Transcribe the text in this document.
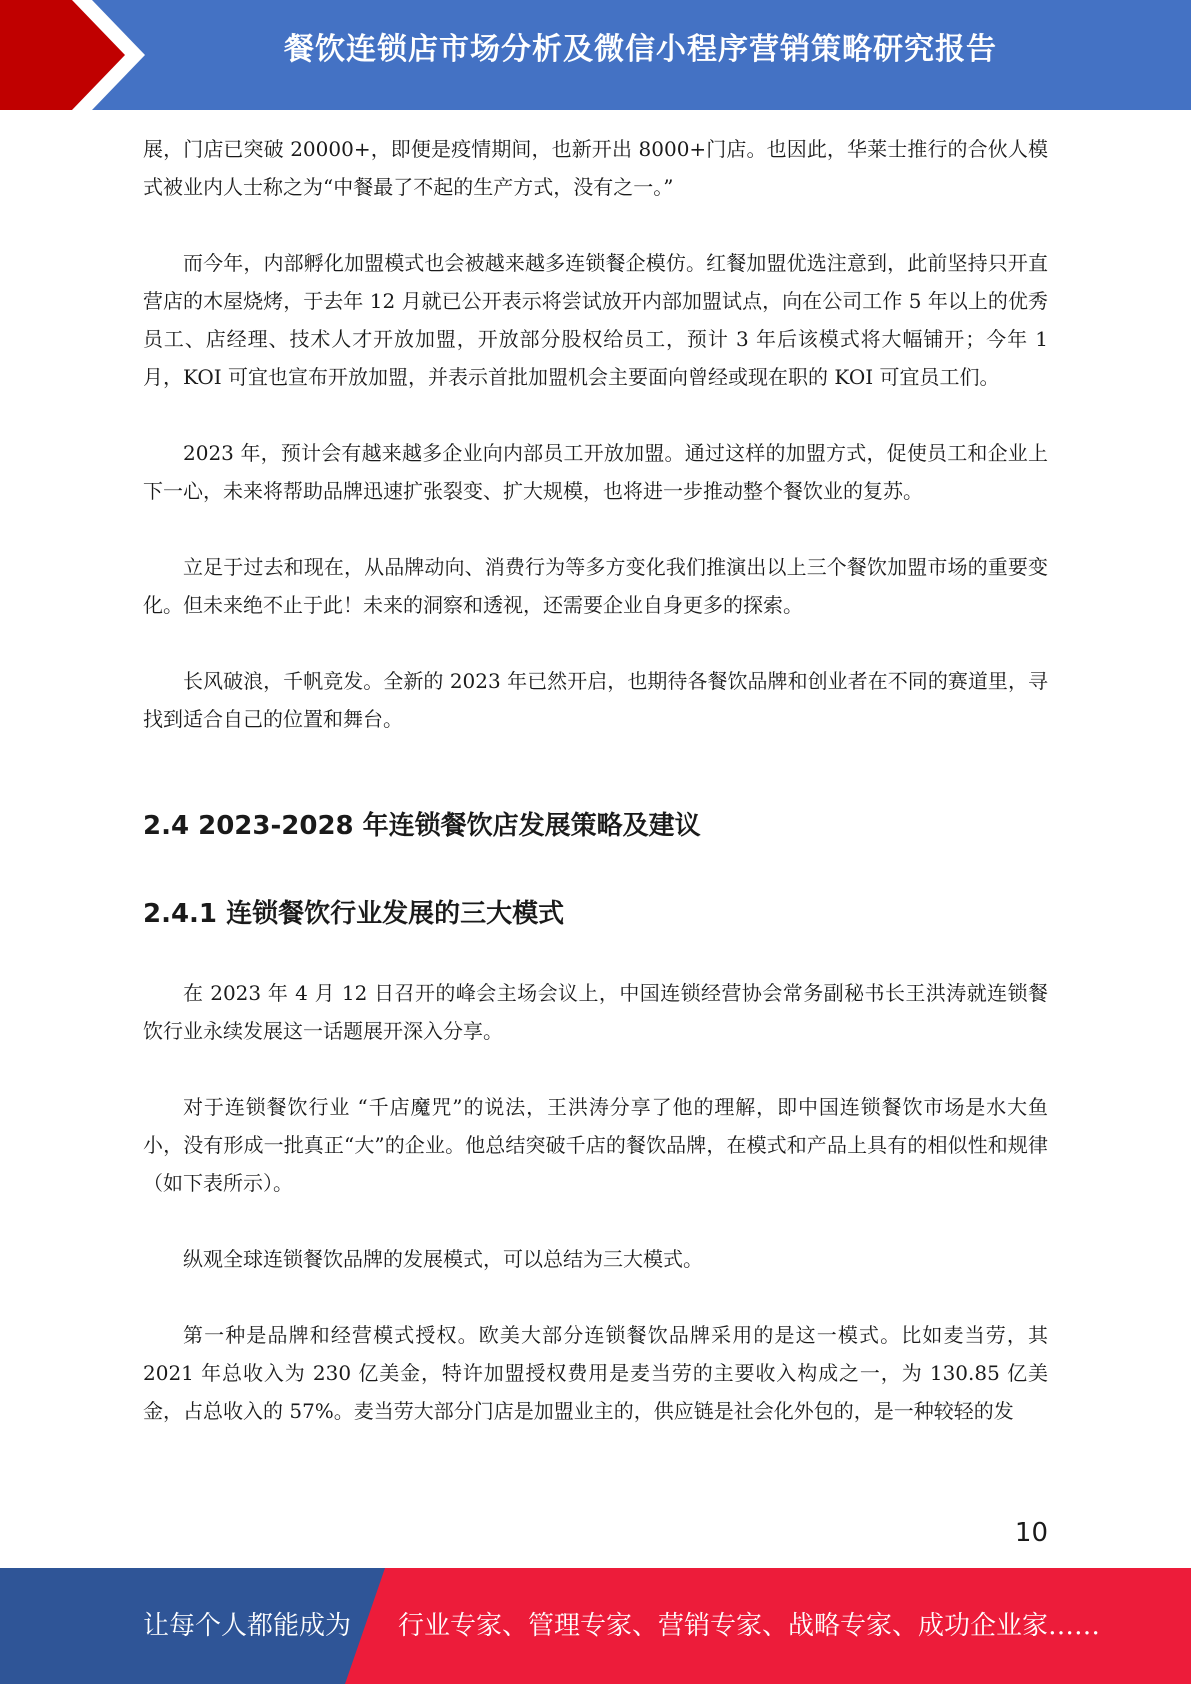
餐饮连锁店市场分析及微信小程序营销策略研究报告

展，门店已突破 20000+，即便是疫情期间，也新开出 8000+门店。也因此，华莱士推行的合伙人模式被业内人士称之为“中餐最了不起的生产方式，没有之一。”

而今年，内部孵化加盟模式也会被越来越多连锁餐企模仿。红餐加盟优选注意到，此前坚持只开直营店的木屋烧烤，于去年 12 月就已公开表示将尝试放开内部加盟试点，向在公司工作 5 年以上的优秀员工、店经理、技术人才开放加盟，开放部分股权给员工，预计 3 年后该模式将大幅铺开；今年 1 月，KOI 可宜也宣布开放加盟，并表示首批加盟机会主要面向曾经或现在职的 KOI 可宜员工们。

2023 年，预计会有越来越多企业向内部员工开放加盟。通过这样的加盟方式，促使员工和企业上下一心，未来将帮助品牌迅速扩张裂变、扩大规模，也将进一步推动整个餐饮业的复苏。

立足于过去和现在，从品牌动向、消费行为等多方变化我们推演出以上三个餐饮加盟市场的重要变化。但未来绝不止于此！未来的洞察和透视，还需要企业自身更多的探索。

长风破浪，千帆竞发。全新的 2023 年已然开启，也期待各餐饮品牌和创业者在不同的赛道里，寻找到适合自己的位置和舞台。

2.4 2023-2028 年连锁餐饮店发展策略及建议
2.4.1 连锁餐饮行业发展的三大模式

在 2023 年 4 月 12 日召开的峰会主场会议上，中国连锁经营协会常务副秘书长王洪涛就连锁餐饮行业永续发展这一话题展开深入分享。

对于连锁餐饮行业 “千店魔咒”的说法，王洪涛分享了他的理解，即中国连锁餐饮市场是水大鱼小，没有形成一批真正“大”的企业。他总结突破千店的餐饮品牌，在模式和产品上具有的相似性和规律（如下表所示）。

纵观全球连锁餐饮品牌的发展模式，可以总结为三大模式。

第一种是品牌和经营模式授权。欧美大部分连锁餐饮品牌采用的是这一模式。比如麦当劳，其 2021 年总收入为 230 亿美金，特许加盟授权费用是麦当劳的主要收入构成之一，为 130.85 亿美金，占总收入的 57%。麦当劳大部分门店是加盟业主的，供应链是社会化外包的，是一种较轻的发

10
让每个人都能成为 行业专家、管理专家、营销专家、战略专家、成功企业家……
